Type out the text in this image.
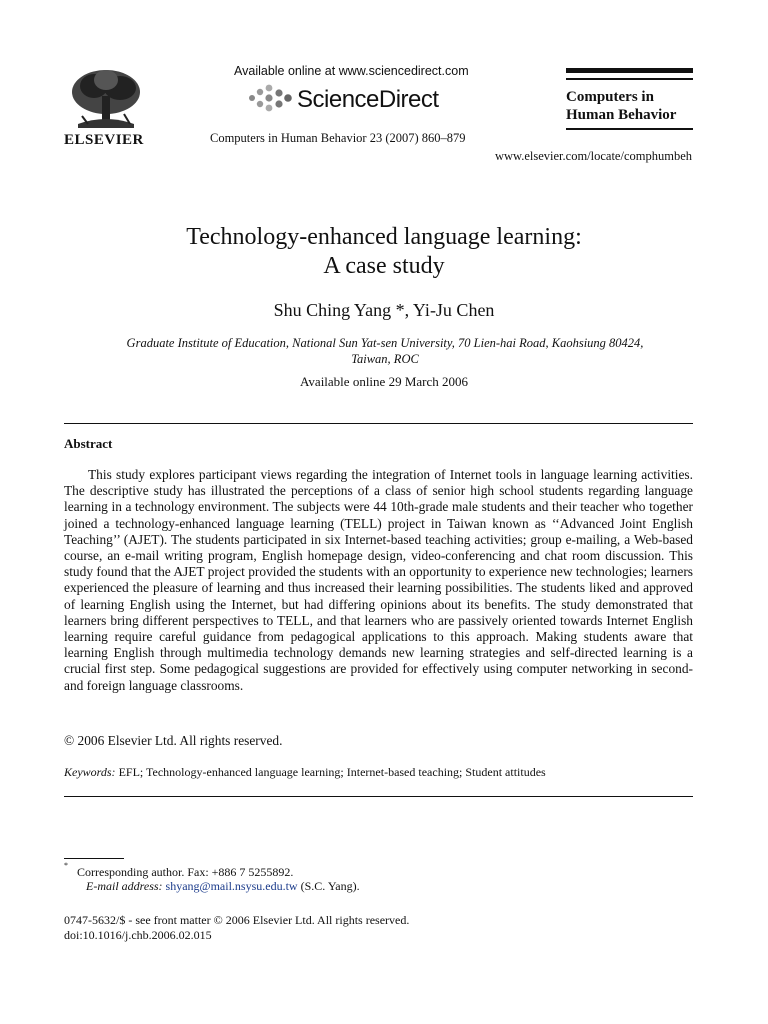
ELSEVIER
Available online at www.sciencedirect.com
ScienceDirect
Computers in Human Behavior 23 (2007) 860–879
Computers in
Human Behavior
www.elsevier.com/locate/comphumbeh
Technology-enhanced language learning:
A case study
Shu Ching Yang *, Yi-Ju Chen
Graduate Institute of Education, National Sun Yat-sen University, 70 Lien-hai Road, Kaohsiung 80424,
Taiwan, ROC
Available online 29 March 2006
Abstract

This study explores participant views regarding the integration of Internet tools in language learning activities. The descriptive study has illustrated the perceptions of a class of senior high school students regarding language learning in a technology environment. The subjects were 44 10th-grade male students and their teacher who together joined a technology-enhanced language learning (TELL) project in Taiwan known as ‘‘Advanced Joint English Teaching’’ (AJET). The students participated in six Internet-based teaching activities; group e-mailing, a Web-based course, an e-mail writing program, English homepage design, video-conferencing and chat room discussion. This study found that the AJET project provided the students with an opportunity to experience new technologies; learners experienced the pleasure of learning and thus increased their learning possibilities. The students liked and approved of learning English using the Internet, but had differing opinions about its benefits. The study demonstrated that learners bring different perspectives to TELL, and that learners who are passively oriented towards Internet English learning require careful guidance from pedagogical applications to this approach. Making students aware that learning English through multimedia technology demands new learning strategies and self-directed learning is a crucial first step. Some pedagogical suggestions are provided for effectively using computer networking in second- and foreign language classrooms.

© 2006 Elsevier Ltd. All rights reserved.
Keywords: EFL; Technology-enhanced language learning; Internet-based teaching; Student attitudes
* Corresponding author. Fax: +886 7 5255892.
E-mail address: shyang@mail.nsysu.edu.tw (S.C. Yang).
0747-5632/$ - see front matter © 2006 Elsevier Ltd. All rights reserved.
doi:10.1016/j.chb.2006.02.015
